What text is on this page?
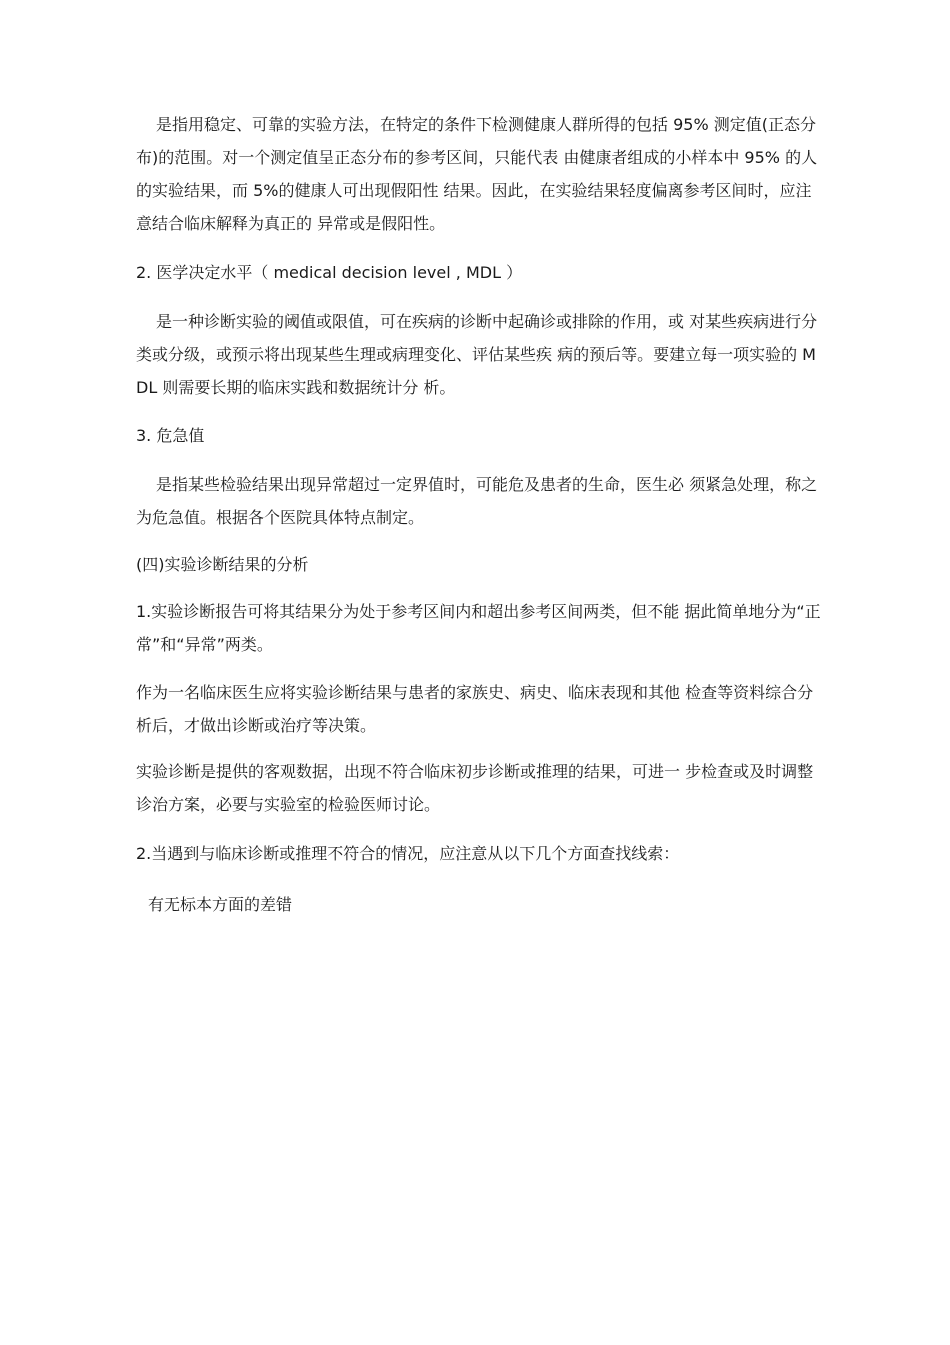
是指用稳定、可靠的实验方法，在特定的条件下检测健康人群所得的包括 95% 测定值(正态分布)的范围。对一个测定值呈正态分布的参考区间，只能代表 由健康者组成的小样本中 95% 的人的实验结果，而 5%的健康人可出现假阳性 结果。因此，在实验结果轻度偏离参考区间时，应注意结合临床解释为真正的 异常或是假阳性。

2. 医学决定水平（ medical decision level , MDL ）

是一种诊断实验的阈值或限值，可在疾病的诊断中起确诊或排除的作用，或 对某些疾病进行分类或分级，或预示将出现某些生理或病理变化、评估某些疾 病的预后等。要建立每一项实验的 MDL 则需要长期的临床实践和数据统计分 析。

3. 危急值

是指某些检验结果出现异常超过一定界值时，可能危及患者的生命，医生必 须紧急处理，称之为危急值。根据各个医院具体特点制定。

(四)实验诊断结果的分析

1.实验诊断报告可将其结果分为处于参考区间内和超出参考区间两类，但不能 据此简单地分为“正常”和“异常”两类。

作为一名临床医生应将实验诊断结果与患者的家族史、病史、临床表现和其他 检查等资料综合分析后，才做出诊断或治疗等决策。

实验诊断是提供的客观数据，出现不符合临床初步诊断或推理的结果，可进一 步检查或及时调整诊治方案，必要与实验室的检验医师讨论。

2.当遇到与临床诊断或推理不符合的情况，应注意从以下几个方面查找线索：

有无标本方面的差错
